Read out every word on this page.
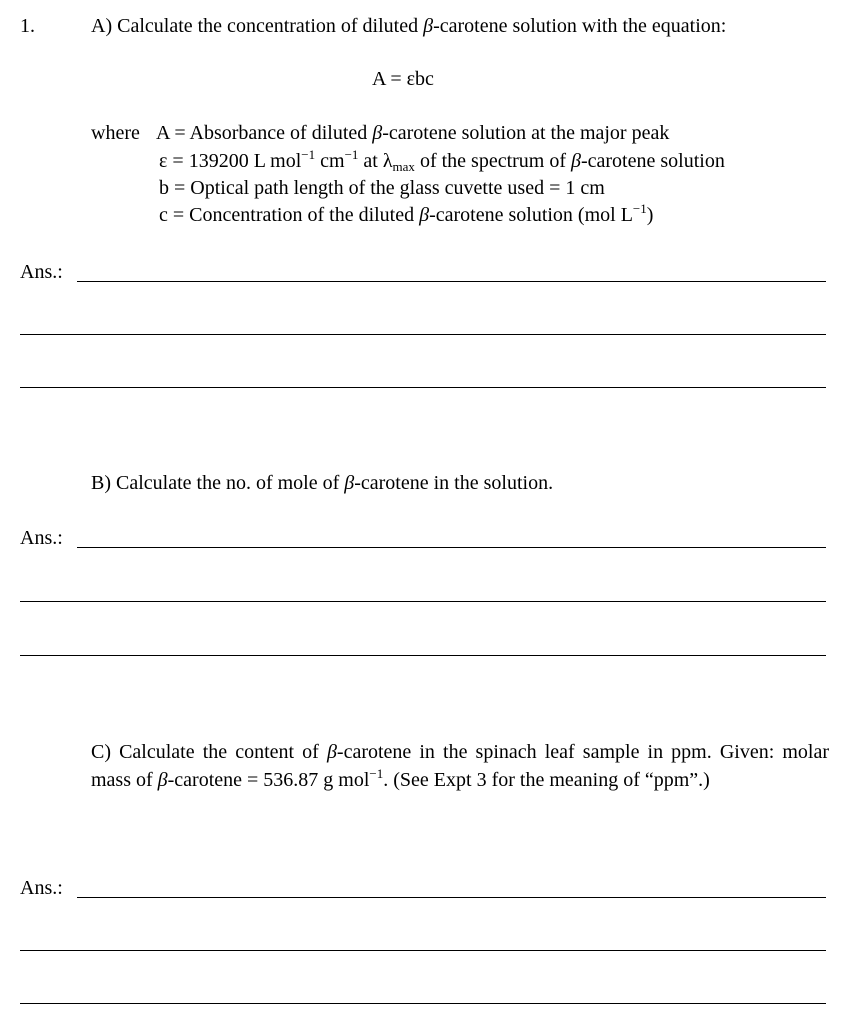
1.	A) Calculate the concentration of diluted β-carotene solution with the equation:
A = εbc
where A = Absorbance of diluted β-carotene solution at the major peak
ε = 139200 L mol$^{-1}$ $cm^{-1}$ at $\lambda_{max}$ of the spectrum of β-carotene solution
b = Optical path length of the glass cuvette used = 1 cm
c = Concentration of the diluted β-carotene solution (mol $L^{-1}$)
Ans.:
B) Calculate the no. of mole of β-carotene in the solution.
Ans.:
C) Calculate the content of β-carotene in the spinach leaf sample in ppm. Given: molar mass of β-carotene = 536.87 g mol$^{-1}$. (See Expt 3 for the meaning of “ppm”.)
Ans.:
